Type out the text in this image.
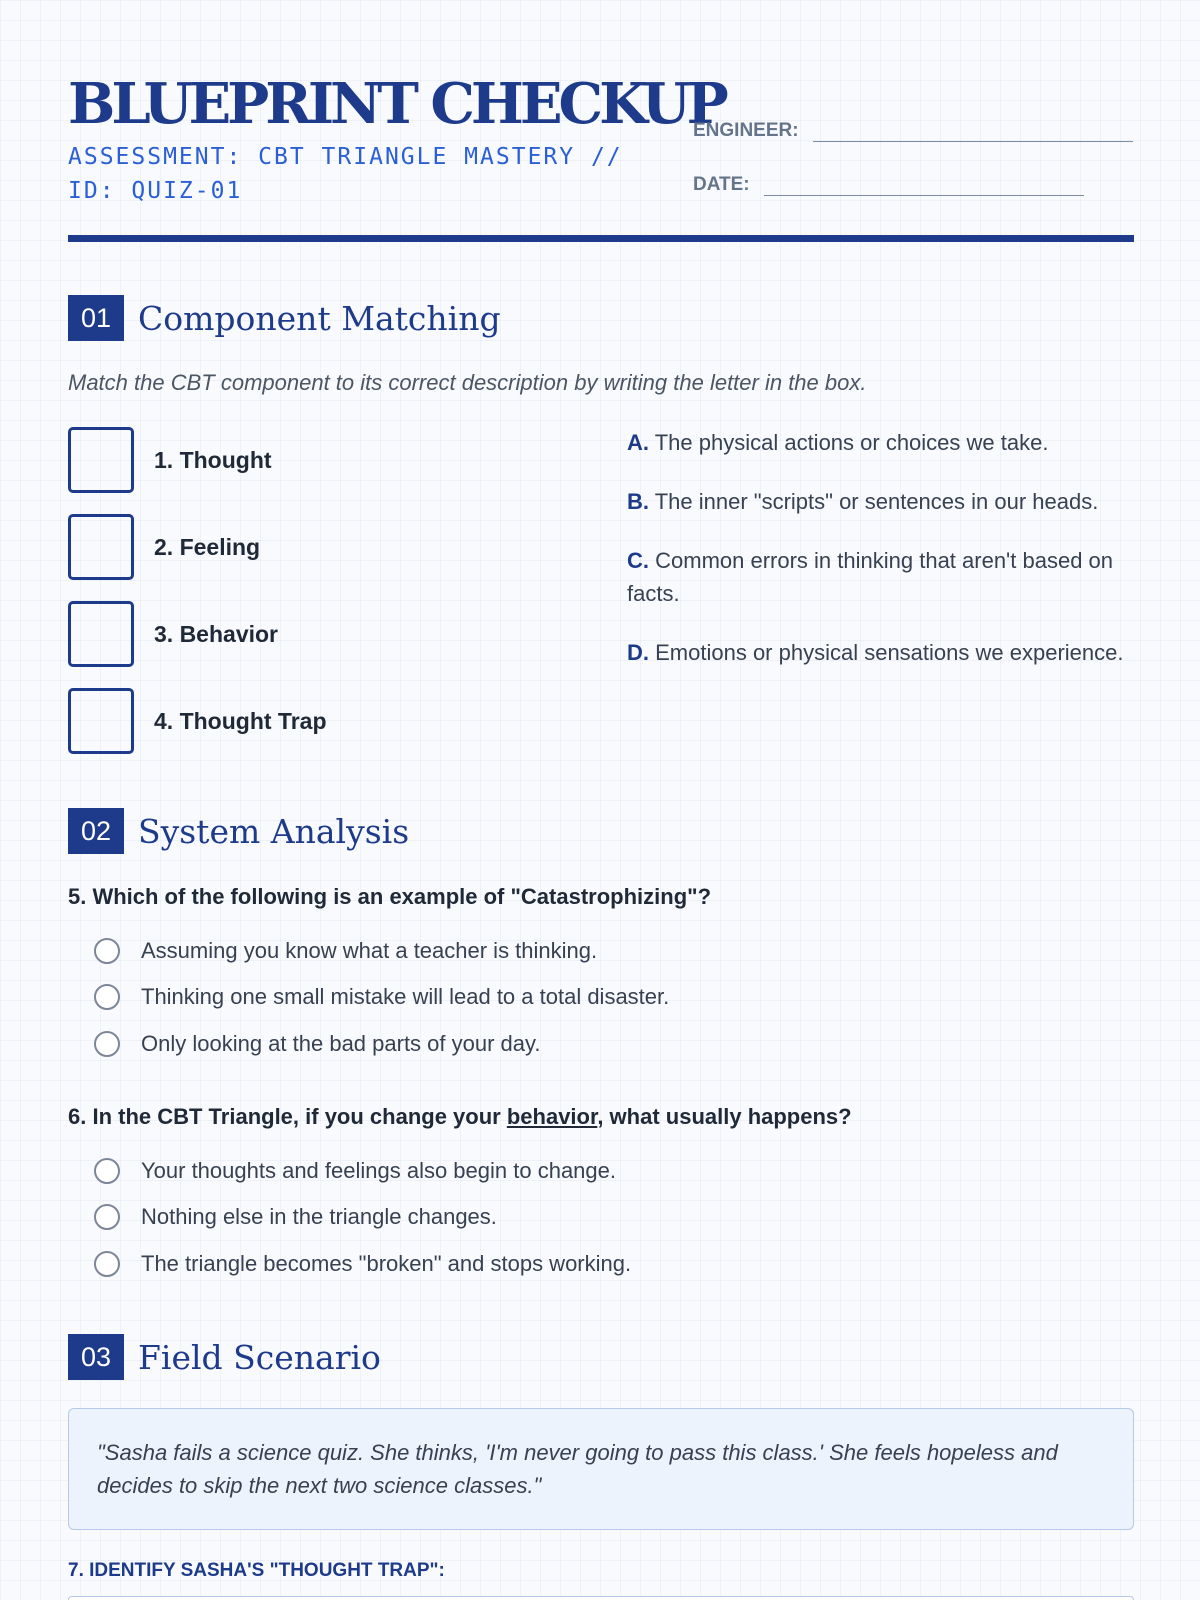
BLUEPRINT CHECKUP
ASSESSMENT: CBT TRIANGLE MASTERY // ID: QUIZ-01
ENGINEER:
DATE:
01 Component Matching
Match the CBT component to its correct description by writing the letter in the box.
1. Thought
2. Feeling
3. Behavior
4. Thought Trap
A. The physical actions or choices we take.
B. The inner "scripts" or sentences in our heads.
C. Common errors in thinking that aren't based on facts.
D. Emotions or physical sensations we experience.
02 System Analysis
5. Which of the following is an example of "Catastrophizing"?
Assuming you know what a teacher is thinking.
Thinking one small mistake will lead to a total disaster.
Only looking at the bad parts of your day.
6. In the CBT Triangle, if you change your behavior, what usually happens?
Your thoughts and feelings also begin to change.
Nothing else in the triangle changes.
The triangle becomes "broken" and stops working.
03 Field Scenario
"Sasha fails a science quiz. She thinks, 'I'm never going to pass this class.' She feels hopeless and decides to skip the next two science classes."
7. IDENTIFY SASHA'S "THOUGHT TRAP":
